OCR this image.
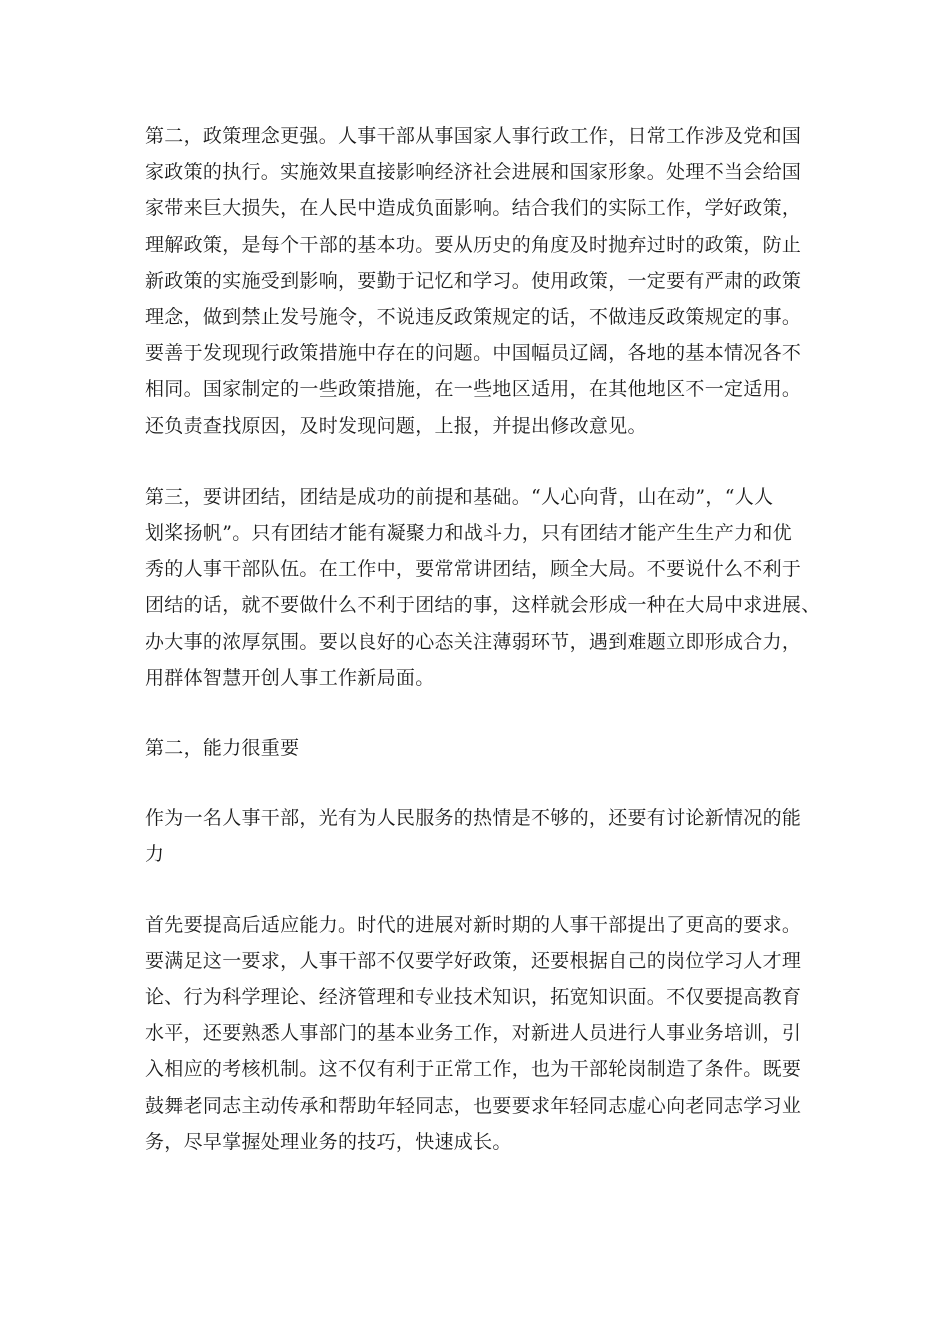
第二，政策理念更强。人事干部从事国家人事行政工作，日常工作涉及党和国
家政策的执行。实施效果直接影响经济社会进展和国家形象。处理不当会给国
家带来巨大损失，在人民中造成负面影响。结合我们的实际工作，学好政策，
理解政策，是每个干部的基本功。要从历史的角度及时抛弃过时的政策，防止
新政策的实施受到影响，要勤于记忆和学习。使用政策，一定要有严肃的政策
理念，做到禁止发号施令，不说违反政策规定的话，不做违反政策规定的事。
要善于发现现行政策措施中存在的问题。中国幅员辽阔，各地的基本情况各不
相同。国家制定的一些政策措施，在一些地区适用，在其他地区不一定适用。
还负责查找原因，及时发现问题，上报，并提出修改意见。
第三，要讲团结，团结是成功的前提和基础。“人心向背，山在动”，“人人
划桨扬帆”。只有团结才能有凝聚力和战斗力，只有团结才能产生生产力和优
秀的人事干部队伍。在工作中，要常常讲团结，顾全大局。不要说什么不利于
团结的话，就不要做什么不利于团结的事，这样就会形成一种在大局中求进展、
办大事的浓厚氛围。要以良好的心态关注薄弱环节，遇到难题立即形成合力，
用群体智慧开创人事工作新局面。
第二，能力很重要
作为一名人事干部，光有为人民服务的热情是不够的，还要有讨论新情况的能
力
首先要提高后适应能力。时代的进展对新时期的人事干部提出了更高的要求。
要满足这一要求，人事干部不仅要学好政策，还要根据自己的岗位学习人才理
论、行为科学理论、经济管理和专业技术知识，拓宽知识面。不仅要提高教育
水平，还要熟悉人事部门的基本业务工作，对新进人员进行人事业务培训，引
入相应的考核机制。这不仅有利于正常工作，也为干部轮岗制造了条件。既要
鼓舞老同志主动传承和帮助年轻同志，也要要求年轻同志虚心向老同志学习业
务，尽早掌握处理业务的技巧，快速成长。
